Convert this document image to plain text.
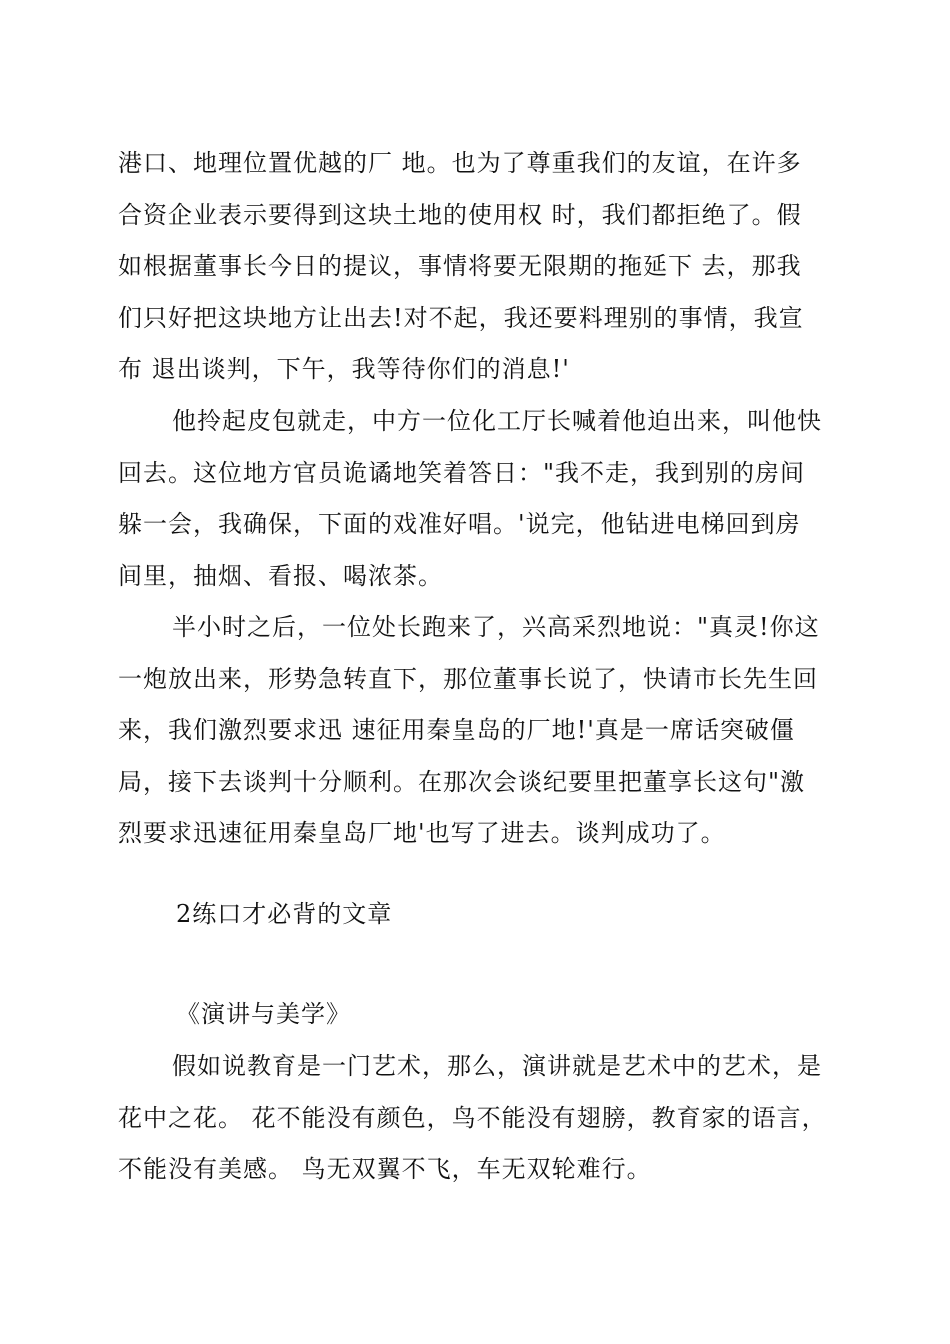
港口、地理位置优越的厂 地。也为了尊重我们的友谊，在许多
合资企业表示要得到这块土地的使用权 时，我们都拒绝了。假
如根据董事长今日的提议，事情将要无限期的拖延下 去，那我
们只好把这块地方让出去!对不起，我还要料理别的事情，我宣
布 退出谈判，下午，我等待你们的消息!'

他拎起皮包就走，中方一位化工厅长喊着他迫出来，叫他快
回去。这位地方官员诡谲地笑着答日："我不走，我到别的房间
躲一会，我确保，下面的戏准好唱。'说完，他钻进电梯回到房
间里，抽烟、看报、喝浓茶。

半小时之后，一位处长跑来了，兴高采烈地说："真灵!你这
一炮放出来，形势急转直下，那位董事长说了，快请市长先生回
来，我们激烈要求迅 速征用秦皇岛的厂地!'真是一席话突破僵
局，接下去谈判十分顺利。在那次会谈纪要里把董享长这句"激
烈要求迅速征用秦皇岛厂地'也写了进去。谈判成功了。

2练口才必背的文章

《演讲与美学》

假如说教育是一门艺术，那么，演讲就是艺术中的艺术，是
花中之花。 花不能没有颜色，鸟不能没有翅膀，教育家的语言，
不能没有美感。 鸟无双翼不飞，车无双轮难行。
